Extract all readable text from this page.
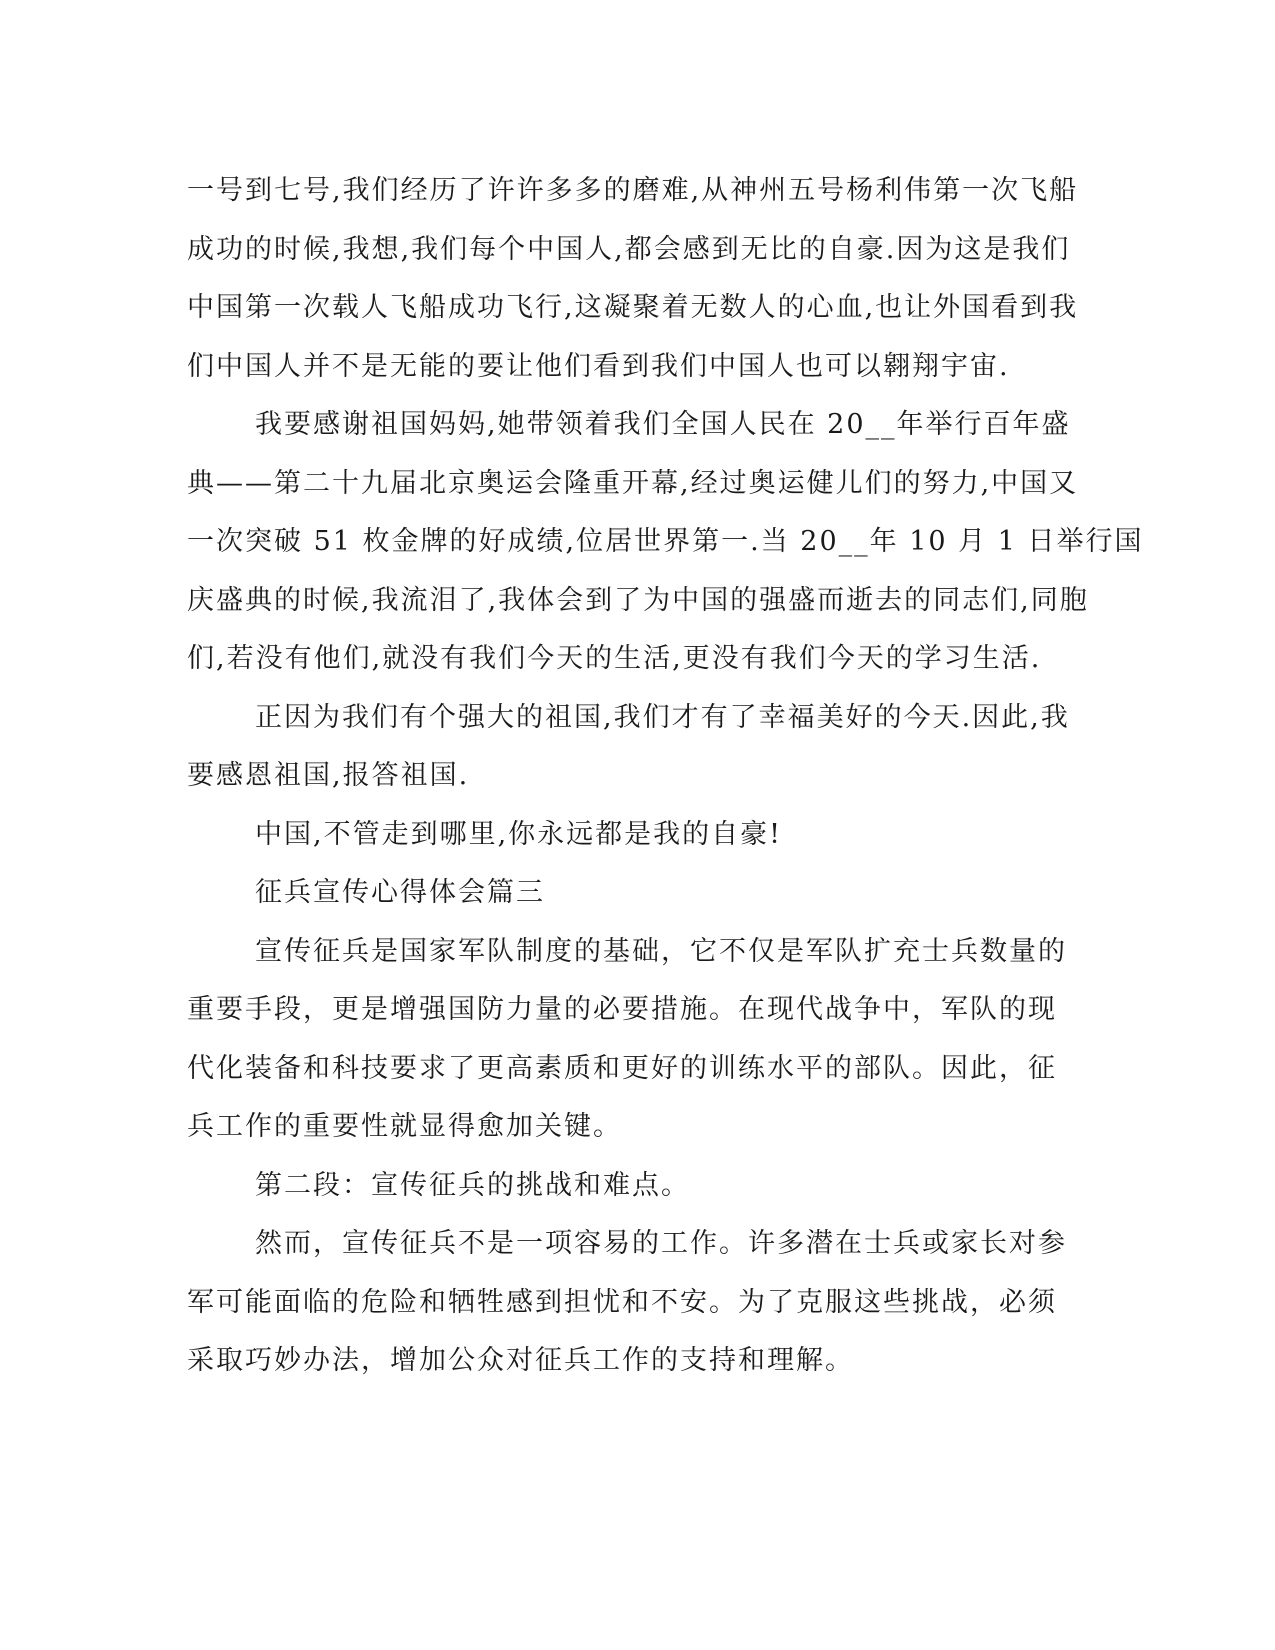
一号到七号,我们经历了许许多多的磨难,从神州五号杨利伟第一次飞船
成功的时候,我想,我们每个中国人,都会感到无比的自豪.因为这是我们
中国第一次载人飞船成功飞行,这凝聚着无数人的心血,也让外国看到我
们中国人并不是无能的要让他们看到我们中国人也可以翱翔宇宙.
我要感谢祖国妈妈,她带领着我们全国人民在 20__年举行百年盛
典——第二十九届北京奥运会隆重开幕,经过奥运健儿们的努力,中国又
一次突破 51 枚金牌的好成绩,位居世界第一.当 20__年 10 月 1 日举行国
庆盛典的时候,我流泪了,我体会到了为中国的强盛而逝去的同志们,同胞
们,若没有他们,就没有我们今天的生活,更没有我们今天的学习生活.
正因为我们有个强大的祖国,我们才有了幸福美好的今天.因此,我
要感恩祖国,报答祖国.
中国,不管走到哪里,你永远都是我的自豪!
征兵宣传心得体会篇三
宣传征兵是国家军队制度的基础，它不仅是军队扩充士兵数量的
重要手段，更是增强国防力量的必要措施。在现代战争中，军队的现
代化装备和科技要求了更高素质和更好的训练水平的部队。因此，征
兵工作的重要性就显得愈加关键。
第二段：宣传征兵的挑战和难点。
然而，宣传征兵不是一项容易的工作。许多潜在士兵或家长对参
军可能面临的危险和牺牲感到担忧和不安。为了克服这些挑战，必须
采取巧妙办法，增加公众对征兵工作的支持和理解。
